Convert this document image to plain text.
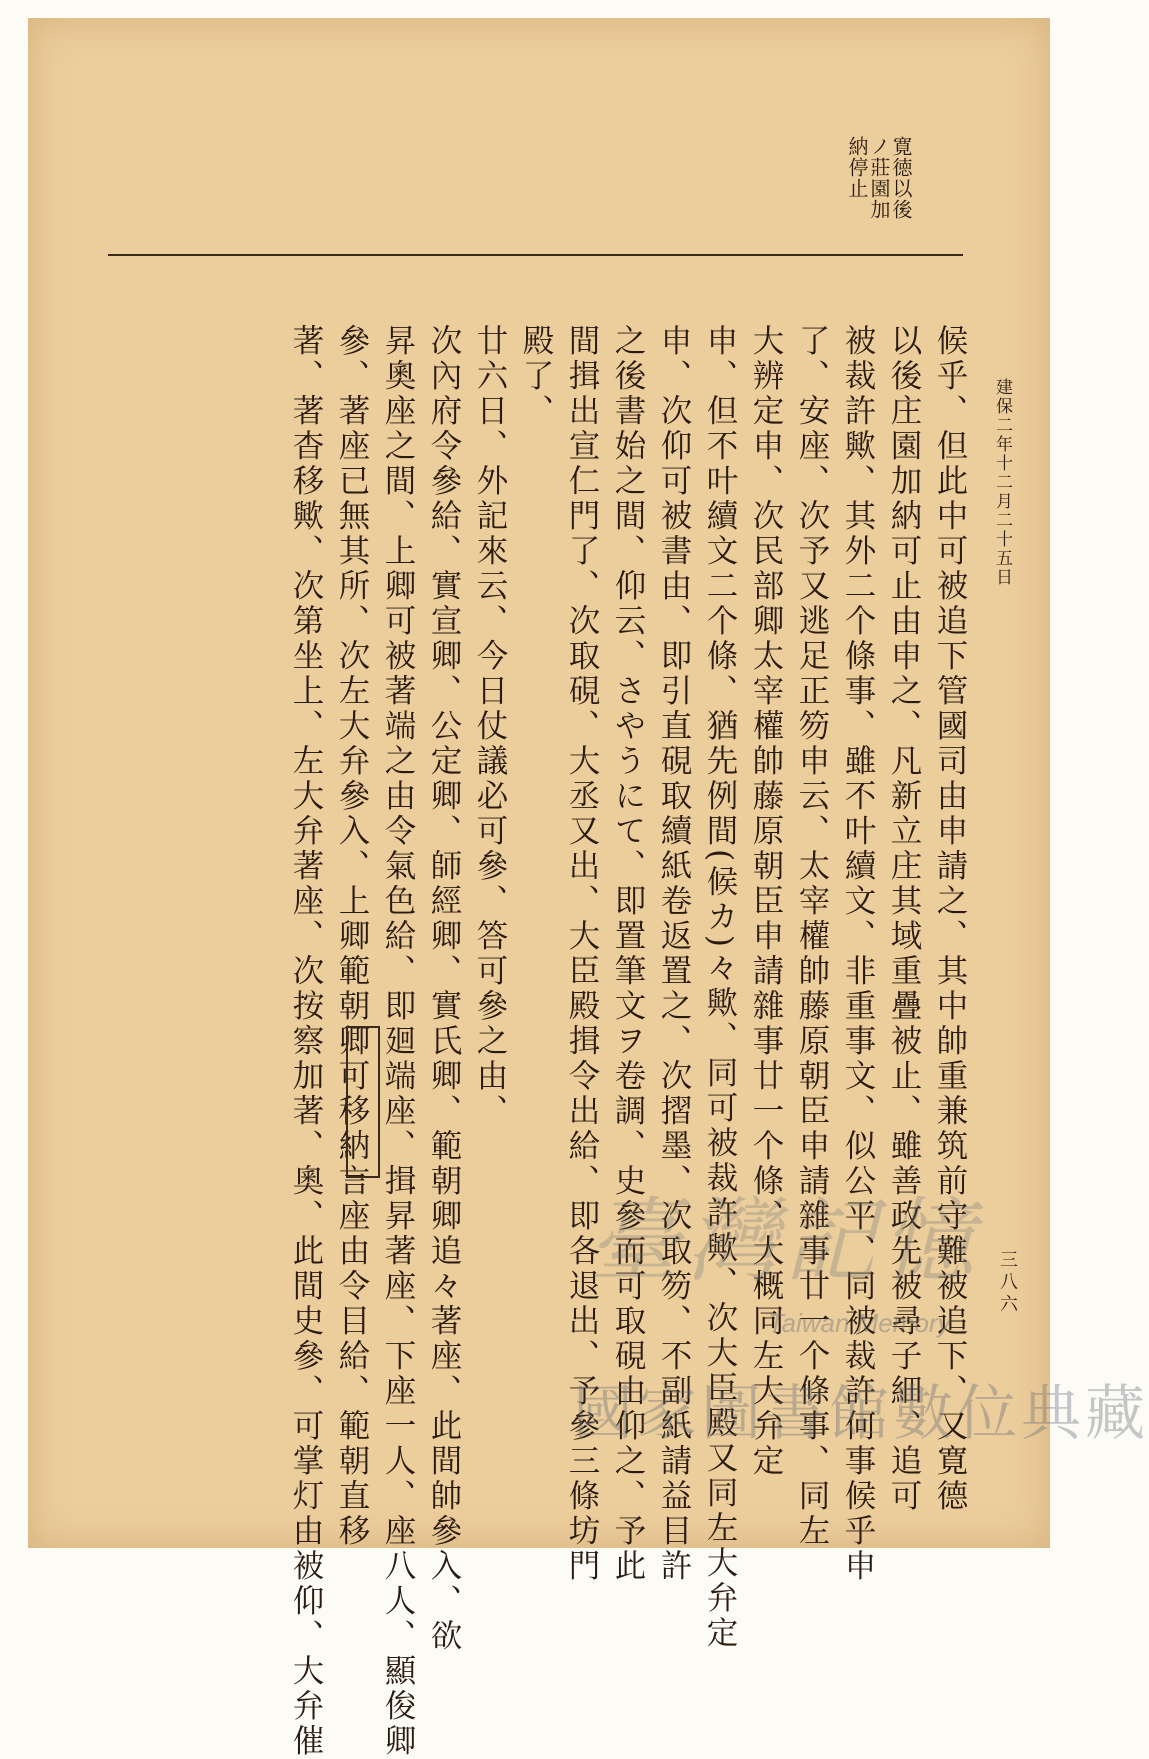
寛徳以後
ノ莊園加
納停止
建保二年十二月二十五日
三八六
候乎、但此中可被追下管國司由申請之、其中帥重兼筑前守難被追下、又寛德
以後庄園加納可止由申之、凡新立庄其域重疊被止、雖善政先被尋子細、追可
被裁許歟、其外二个條事、雖不叶續文、非重事文、似公平、同被裁許何事候乎申
了、安座、次予又逃足正笏申云、太宰權帥藤原朝臣申請雜事廿一个條事、同左
大辨定申、次民部卿太宰權帥藤原朝臣申請雜事廿一个條、大概同左大弁定
申、但不叶續文二个條、猶先例間(候カ)々歟、同可被裁許歟、次大臣殿又同左大弁定
申、次仰可被書由、即引直硯取續紙卷返置之、次摺墨、次取笏、不副紙請益目許
之後書始之間、仰云、さやうにて、即置筆文ヲ卷調、史參而可取硯由仰之、予此
間揖出宣仁門了、次取硯、大丞又出、大臣殿揖令出給、即各退出、予參三條坊門
殿了、
廿六日、外記來云、今日仗議必可參、答可參之由、
次內府令參給、實宣卿、公定卿、師經卿、實氏卿、範朝卿追々著座、此間帥參入、欲
昇奧座之間、上卿可被著端之由令氣色給、即廻端座、揖昇著座、下座一人、座八人、顯俊卿
參、著座已無其所、次左大弁參入、上卿範朝卿可移納言座由令目給、範朝直移
著、著杳移歟、次第坐上、左大弁著座、次按察加著、奧、此間史參、可掌灯由被仰、大弁催	臺灣記憶
Taiwan Memory
國家圖書館數位典藏
